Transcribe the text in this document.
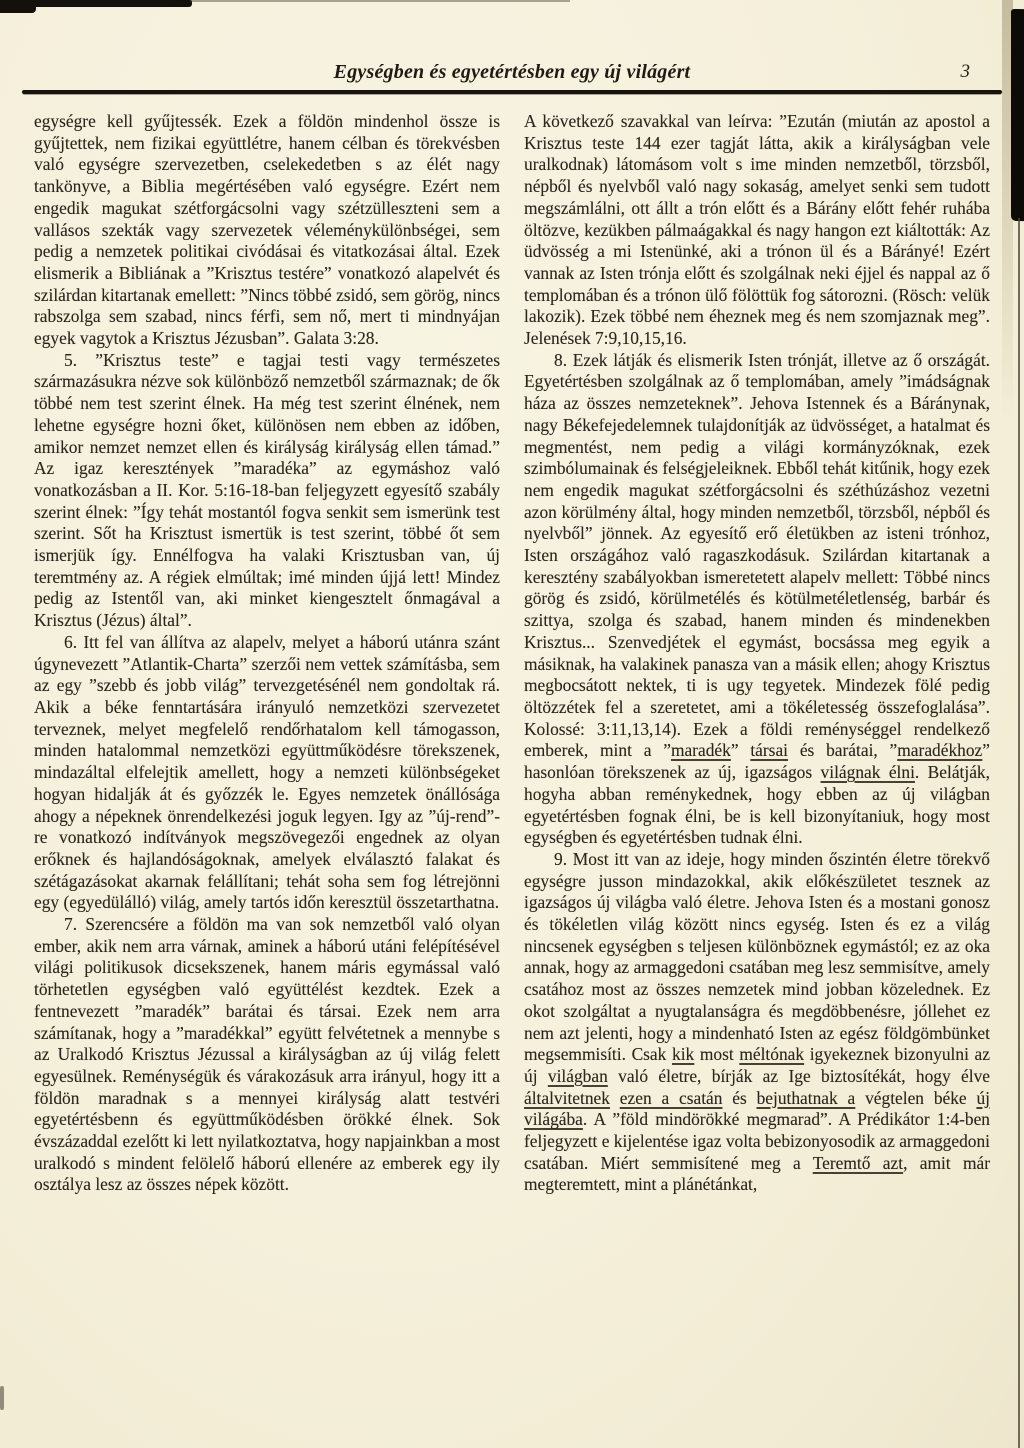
Egységben és egyetértésben egy új világért	3

egységre kell gyűjtessék. Ezek a földön mindenhol össze is gyűjtettek, nem fizikai együttlétre, hanem célban és törekvésben való egységre szervezetben, cselekedetben s az élét nagy tankönyve, a Biblia megértésében való egységre. Ezért nem engedik magukat szétforgácsolni vagy szétzülleszteni sem a vallásos szekták vagy szervezetek véleménykülönbségei, sem pedig a nemzetek politikai civódásai és vitatkozásai által. Ezek elismerik a Bibliának a ”Krisztus testére” vonatkozó alapelvét és szilárdan kitartanak emellett: ”Nincs többé zsidó, sem görög, nincs rabszolga sem szabad, nincs férfi, sem nő, mert ti mindnyájan egyek vagytok a Krisztus Jézusban”. Galata 3:28.

5. ”Krisztus teste” e tagjai testi vagy természetes származásukra nézve sok különböző nemzetből származnak; de ők többé nem test szerint élnek. Ha még test szerint élnének, nem lehetne egységre hozni őket, különösen nem ebben az időben, amikor nemzet nemzet ellen és királyság királyság ellen támad.” Az igaz keresztények ”maradéka” az egymáshoz való vonatkozásban a II. Kor. 5:16-18-ban feljegyzett egyesítő szabály szerint élnek: ”Így tehát mostantól fogva senkit sem ismerünk test szerint. Sőt ha Krisztust ismertük is test szerint, többé őt sem ismerjük így. Ennélfogva ha valaki Krisztusban van, új teremtmény az. A régiek elmúltak; imé minden újjá lett! Mindez pedig az Istentől van, aki minket kiengesztelt őnmagával a Krisztus (Jézus) által”.

6. Itt fel van állítva az alapelv, melyet a háború utánra szánt úgynevezett ”Atlantik-Charta” szerzői nem vettek számításba, sem az egy ”szebb és jobb világ” tervezgetésénél nem gondoltak rá. Akik a béke fenntartására irányuló nemzetközi szervezetet terveznek, melyet megfelelő rendőrhatalom kell támogasson, minden hatalommal nemzetközi együttműködésre törekszenek, mindazáltal elfelejtik amellett, hogy a nemzeti különbségeket hogyan hidalják át és győzzék le. Egyes nemzetek önállósága ahogy a népeknek önrendelkezési joguk legyen. Igy az ”új-rend”-re vonatkozó indítványok megszövegezői engednek az olyan erőknek és hajlandóságoknak, amelyek elválasztó falakat és szétágazásokat akarnak felállítani; tehát soha sem fog létrejönni egy (egyedülálló) világ, amely tartós időn keresztül összetarthatna.

7. Szerencsére a földön ma van sok nemzetből való olyan ember, akik nem arra várnak, aminek a háború utáni felépítésével világi politikusok dicsekszenek, hanem máris egymással való törhetetlen egységben való együttélést kezdtek. Ezek a fentnevezett ”maradék” barátai és társai. Ezek nem arra számítanak, hogy a ”maradékkal” együtt felvétetnek a mennybe s az Uralkodó Krisztus Jézussal a királyságban az új világ felett egyesülnek. Reménységük és várakozásuk arra irányul, hogy itt a földön maradnak s a mennyei királyság alatt testvéri egyetértésbenn és együttműködésben örökké élnek. Sok évszázaddal ezelőtt ki lett nyilatkoztatva, hogy napjainkban a most uralkodó s mindent felölelő háború ellenére az emberek egy ily osztálya lesz az összes népek között.

A következő szavakkal van leírva: ”Ezután (miután az apostol a Krisztus teste 144 ezer tagját látta, akik a királyságban vele uralkodnak) látomásom volt s ime minden nemzetből, törzsből, népből és nyelvből való nagy sokaság, amelyet senki sem tudott megszámlálni, ott állt a trón előtt és a Bárány előtt fehér ruhába öltözve, kezükben pálmaágakkal és nagy hangon ezt kiáltották: Az üdvösség a mi Istenünké, aki a trónon ül és a Bárányé! Ezért vannak az Isten trónja előtt és szolgálnak neki éjjel és nappal az ő templomában és a trónon ülő fölöttük fog sátorozni. (Rösch: velük lakozik). Ezek többé nem éheznek meg és nem szomjaznak meg”. Jelenések 7:9,10,15,16.

8. Ezek látják és elismerik Isten trónját, illetve az ő országát. Egyetértésben szolgálnak az ő templomában, amely ”imádságnak háza az összes nemzeteknek”. Jehova Istennek és a Báránynak, nagy Békefejedelemnek tulajdonítják az üdvösséget, a hatalmat és megmentést, nem pedig a világi kormányzóknak, ezek szimbólumainak és felségjeleiknek. Ebből tehát kitűnik, hogy ezek nem engedik magukat szétforgácsolni és széthúzáshoz vezetni azon körülmény által, hogy minden nemzetből, törzsből, népből és nyelvből” jönnek. Az egyesítő erő életükben az isteni trónhoz, Isten országához való ragaszkodásuk. Szilárdan kitartanak a keresztény szabályokban ismeretetett alapelv mellett: Többé nincs görög és zsidó, körülmetélés és kötülmetéletlenség, barbár és szittya, szolga és szabad, hanem minden és mindenekben Krisztus... Szenvedjétek el egymást, bocsássa meg egyik a másiknak, ha valakinek panasza van a másik ellen; ahogy Krisztus megbocsátott nektek, ti is ugy tegyetek. Mindezek fölé pedig öltözzétek fel a szeretetet, ami a tökéletesség összefoglalása”. Kolossé: 3:11,13,14). Ezek a földi reménységgel rendelkező emberek, mint a ”maradék” társai és barátai, ”maradékhoz” hasonlóan törekszenek az új, igazságos világnak élni. Belátják, hogyha abban reménykednek, hogy ebben az új világban egyetértésben fognak élni, be is kell bizonyítaniuk, hogy most egységben és egyetértésben tudnak élni.

9. Most itt van az ideje, hogy minden őszintén életre törekvő egységre jusson mindazokkal, akik előkészületet tesznek az igazságos új világba való életre. Jehova Isten és a mostani gonosz és tökéletlen világ között nincs egység. Isten és ez a világ nincsenek egységben s teljesen különböznek egymástól; ez az oka annak, hogy az armaggedoni csatában meg lesz semmisítve, amely csatához most az összes nemzetek mind jobban közelednek. Ez okot szolgáltat a nyugtalanságra és megdöbbenésre, jóllehet ez nem azt jelenti, hogy a mindenható Isten az egész földgömbünket megsemmisíti. Csak kik most méltónak igyekeznek bizonyulni az új világban való életre, bírják az Ige biztosítékát, hogy élve általvitetnek ezen a csatán és bejuthatnak a végtelen béke új világába. A ”föld mindörökké megmarad”. A Prédikátor 1:4-ben feljegyzett e kijelentése igaz volta bebizonyosodik az armaggedoni csatában. Miért semmisítené meg a Teremtő azt, amit már megteremtett, mint a plánétánkat,
